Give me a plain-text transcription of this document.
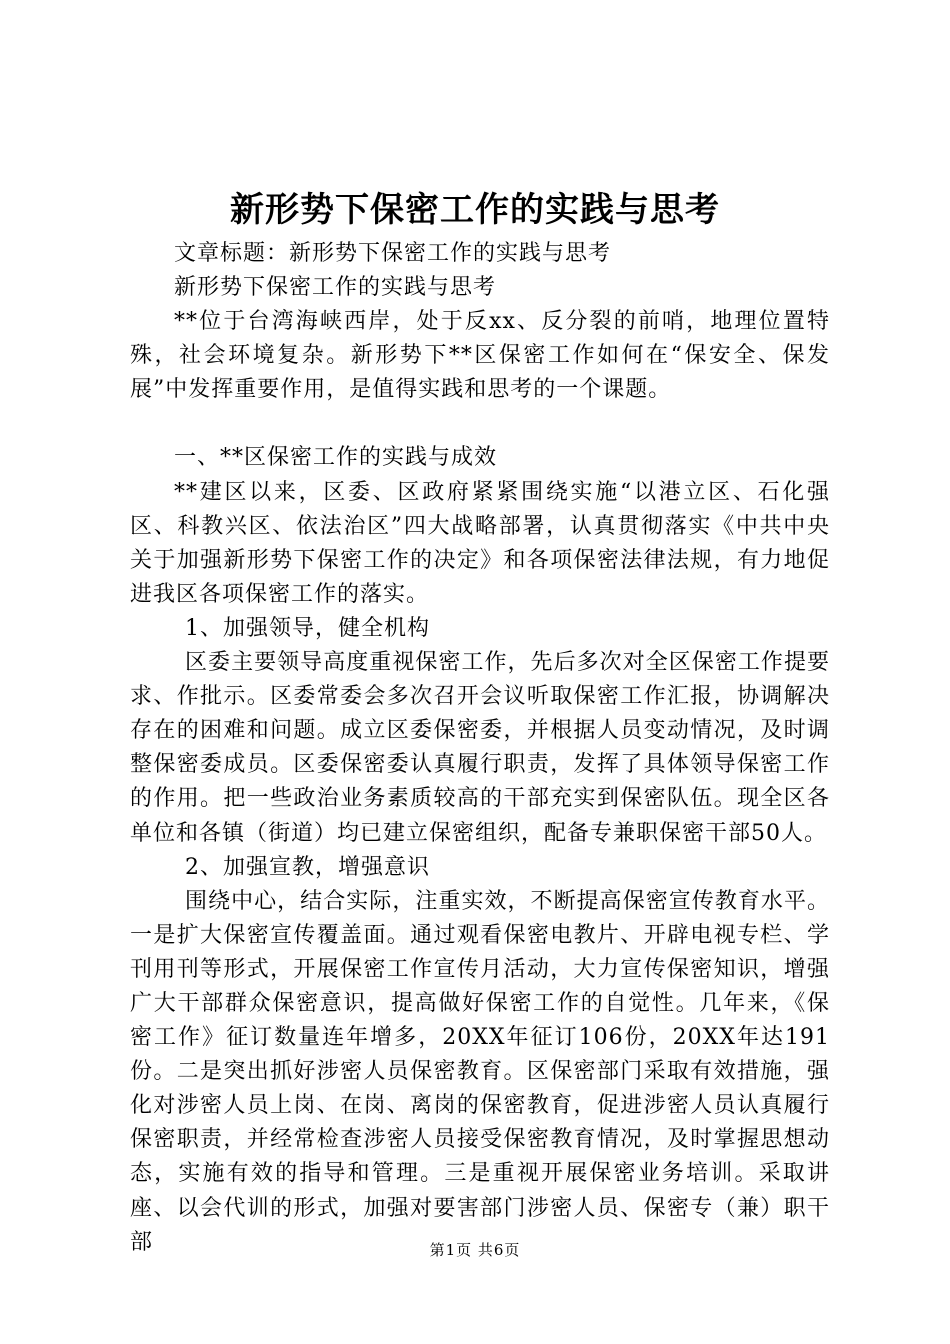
新形势下保密工作的实践与思考

文章标题：新形势下保密工作的实践与思考

新形势下保密工作的实践与思考

**位于台湾海峡西岸，处于反xx、反分裂的前哨，地理位置特殊，社会环境复杂。新形势下**区保密工作如何在“保安全、保发展”中发挥重要作用，是值得实践和思考的一个课题。

一、**区保密工作的实践与成效

**建区以来，区委、区政府紧紧围绕实施“以港立区、石化强区、科教兴区、依法治区”四大战略部署，认真贯彻落实《中共中央关于加强新形势下保密工作的决定》和各项保密法律法规，有力地促进我区各项保密工作的落实。

1、加强领导，健全机构

区委主要领导高度重视保密工作，先后多次对全区保密工作提要求、作批示。区委常委会多次召开会议听取保密工作汇报，协调解决存在的困难和问题。成立区委保密委，并根据人员变动情况，及时调整保密委成员。区委保密委认真履行职责，发挥了具体领导保密工作的作用。把一些政治业务素质较高的干部充实到保密队伍。现全区各单位和各镇（街道）均已建立保密组织，配备专兼职保密干部50人。

2、加强宣教，增强意识

围绕中心，结合实际，注重实效，不断提高保密宣传教育水平。一是扩大保密宣传覆盖面。通过观看保密电教片、开辟电视专栏、学刊用刊等形式，开展保密工作宣传月活动，大力宣传保密知识，增强广大干部群众保密意识，提高做好保密工作的自觉性。几年来，《保密工作》征订数量连年增多，20XX年征订106份，20XX年达191份。二是突出抓好涉密人员保密教育。区保密部门采取有效措施，强化对涉密人员上岗、在岗、离岗的保密教育，促进涉密人员认真履行保密职责，并经常检查涉密人员接受保密教育情况，及时掌握思想动态，实施有效的指导和管理。三是重视开展保密业务培训。采取讲座、以会代训的形式，加强对要害部门涉密人员、保密专（兼）职干部	第1页 共6页
